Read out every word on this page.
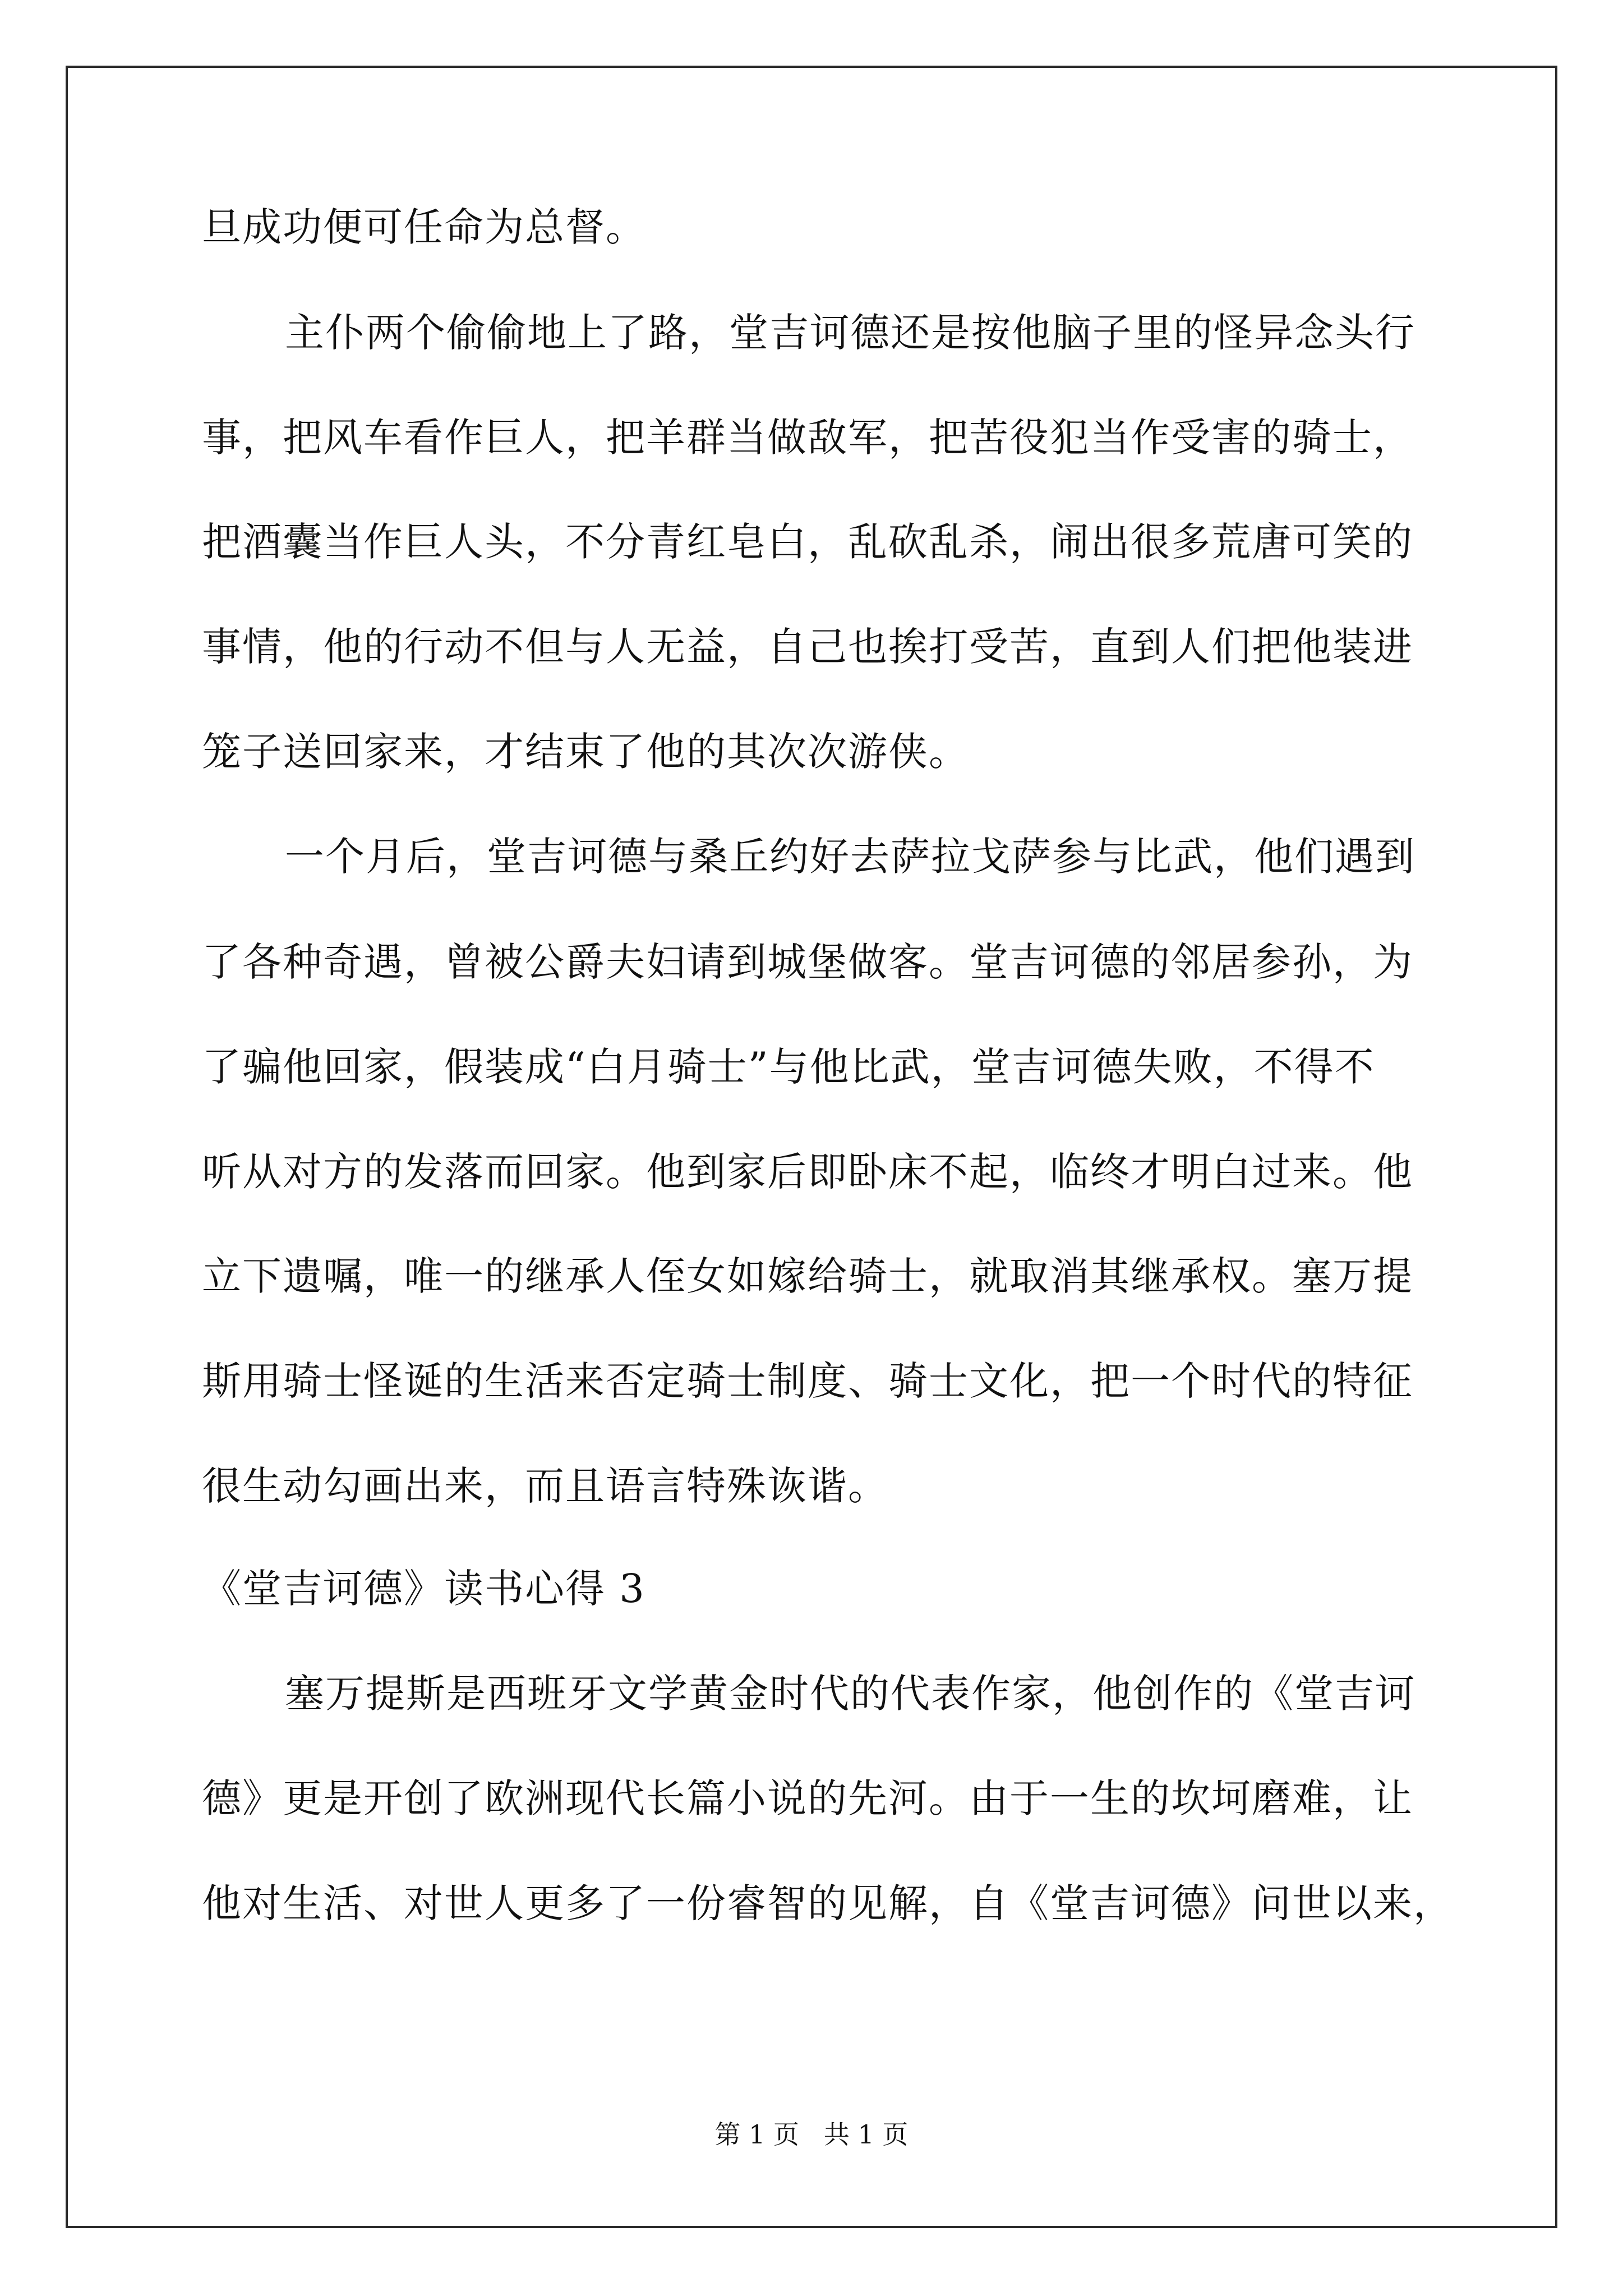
旦成功便可任命为总督。

主仆两个偷偷地上了路，堂吉诃德还是按他脑子里的怪异念头行

事，把风车看作巨人，把羊群当做敌军，把苦役犯当作受害的骑士，

把酒囊当作巨人头，不分青红皂白，乱砍乱杀，闹出很多荒唐可笑的

事情，他的行动不但与人无益，自己也挨打受苦，直到人们把他装进

笼子送回家来，才结束了他的其次次游侠。

一个月后，堂吉诃德与桑丘约好去萨拉戈萨参与比武，他们遇到

了各种奇遇，曾被公爵夫妇请到城堡做客。堂吉诃德的邻居参孙，为

了骗他回家，假装成“白月骑士”与他比武，堂吉诃德失败，不得不

听从对方的发落而回家。他到家后即卧床不起，临终才明白过来。他

立下遗嘱，唯一的继承人侄女如嫁给骑士，就取消其继承权。塞万提

斯用骑士怪诞的生活来否定骑士制度、骑士文化，把一个时代的特征

很生动勾画出来，而且语言特殊诙谐。

《堂吉诃德》读书心得 3

塞万提斯是西班牙文学黄金时代的代表作家，他创作的《堂吉诃

德》更是开创了欧洲现代长篇小说的先河。由于一生的坎坷磨难，让

他对生活、对世人更多了一份睿智的见解，自《堂吉诃德》问世以来，

第 1 页   共 1 页
